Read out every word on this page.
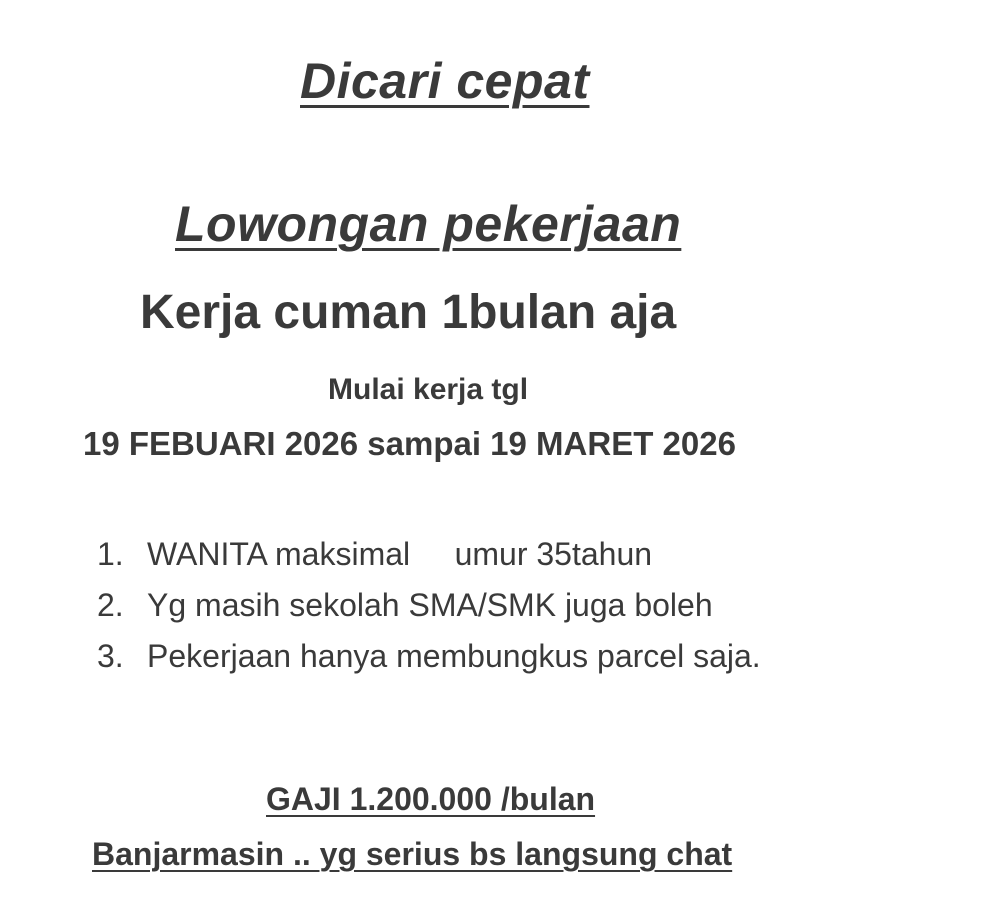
Dicari cepat
Lowongan pekerjaan
Kerja cuman 1bulan aja
Mulai kerja tgl
19 FEBUARI 2026 sampai 19 MARET 2026
1. WANITA maksimal     umur 35tahun
2. Yg masih sekolah SMA/SMK juga boleh
3. Pekerjaan hanya membungkus parcel saja.
GAJI 1.200.000 /bulan
Banjarmasin .. yg serius bs langsung chat
